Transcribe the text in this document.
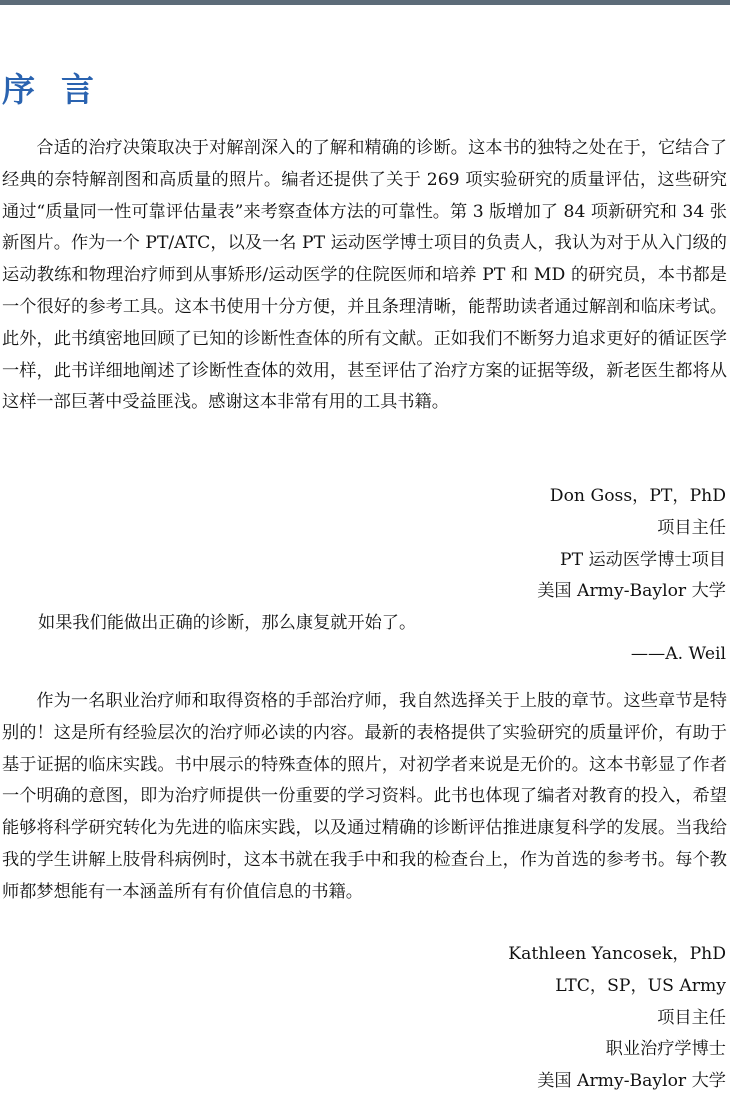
序言

合适的治疗决策取决于对解剖深入的了解和精确的诊断。这本书的独特之处在于，它结合了经典的奈特解剖图和高质量的照片。编者还提供了关于 269 项实验研究的质量评估，这些研究通过“质量同一性可靠评估量表”来考察查体方法的可靠性。第 3 版增加了 84 项新研究和 34 张新图片。作为一个 PT/ATC，以及一名 PT 运动医学博士项目的负责人，我认为对于从入门级的运动教练和物理治疗师到从事矫形/运动医学的住院医师和培养 PT 和 MD 的研究员，本书都是一个很好的参考工具。这本书使用十分方便，并且条理清晰，能帮助读者通过解剖和临床考试。此外，此书缜密地回顾了已知的诊断性查体的所有文献。正如我们不断努力追求更好的循证医学一样，此书详细地阐述了诊断性查体的效用，甚至评估了治疗方案的证据等级，新老医生都将从这样一部巨著中受益匪浅。感谢这本非常有用的工具书籍。

Don Goss，PT，PhD
项目主任
PT 运动医学博士项目
美国 Army-Baylor 大学
如果我们能做出正确的诊断，那么康复就开始了。
——A. Weil

作为一名职业治疗师和取得资格的手部治疗师，我自然选择关于上肢的章节。这些章节是特别的！这是所有经验层次的治疗师必读的内容。最新的表格提供了实验研究的质量评价，有助于基于证据的临床实践。书中展示的特殊查体的照片，对初学者来说是无价的。这本书彰显了作者一个明确的意图，即为治疗师提供一份重要的学习资料。此书也体现了编者对教育的投入，希望能够将科学研究转化为先进的临床实践，以及通过精确的诊断评估推进康复科学的发展。当我给我的学生讲解上肢骨科病例时，这本书就在我手中和我的检查台上，作为首选的参考书。每个教师都梦想能有一本涵盖所有有价值信息的书籍。

Kathleen Yancosek，PhD
LTC，SP，US Army
项目主任
职业治疗学博士
美国 Army-Baylor 大学
